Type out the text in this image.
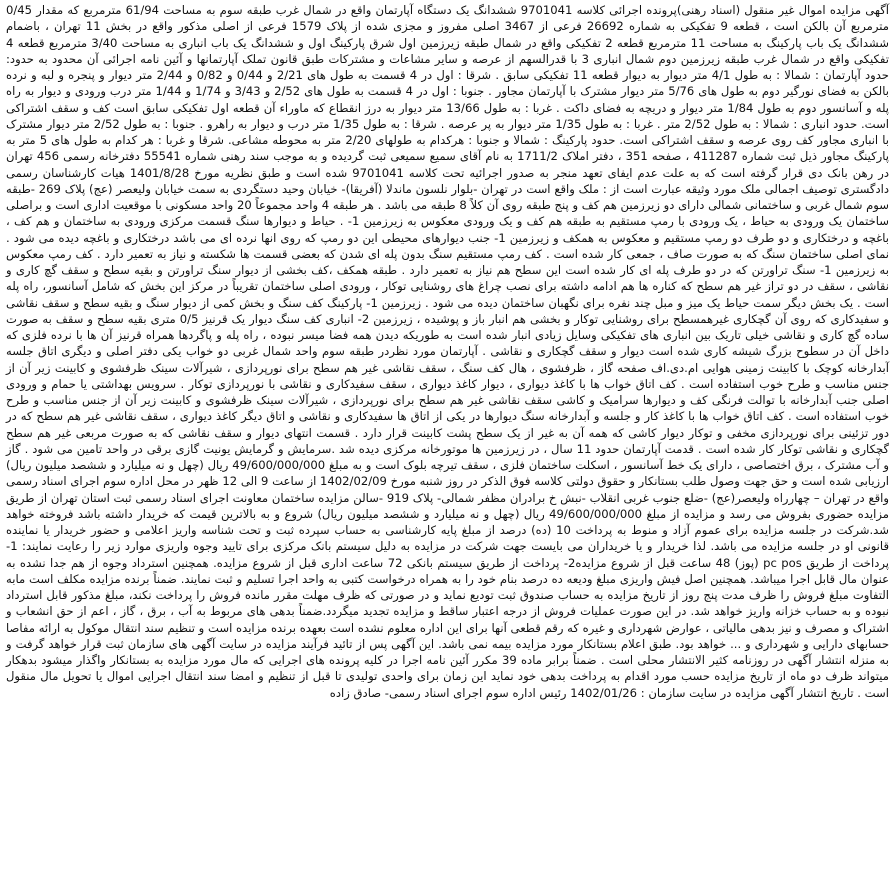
آگهی مزایده اموال غیر منقول (اسناد رهنی)پرونده اجرائی کلاسه 9701041 ششدانگ یک دستگاه آپارتمان واقع در شمال غرب طبقه سوم به مساحت 61/94 مترمربع که مقدار 0/45 مترمربع آن بالکن است ، قطعه 9 تفکیکی به شماره 26692 فرعی از 3467 اصلی مفروز و مجزی شده از پلاک 1579 فرعی از اصلی مذکور واقع در بخش 11 تهران ، باضمام ششدانگ یک باب پارکینگ به مساحت 11 مترمربع قطعه 2 تفکیکی واقع در شمال طبقه زیرزمین اول شرق پارکینگ اول و ششدانگ یک باب انباری به مساحت 3/40 مترمربع قطعه 4 تفکیکی واقع در شمال غرب طبقه زیرزمین دوم شمال انباری 3 با قدرالسهم از عرصه و سایر مشاعات و مشترکات طبق قانون تملک آپارتمانها و آئین نامه اجرائی آن محدود به حدود: حدود آپارتمان : شمالا : به طول 4/1 متر دیوار به دیوار قطعه 11 تفکیکی سابق . شرقا : اول در 4 قسمت به طول های 2/21 و 0/44 و 0/82 و 2/44 متر دیوار و پنجره و لبه و نرده بالکن به فضای نورگیر دوم به طول های 5/76 متر دیوار مشترک با آپارتمان مجاور . جنوبا : اول در 4 قسمت به طول های 2/52 و 3/43 و 1/74 و 1/44 متر درب ورودی و دیوار به راه پله و آسانسور دوم به طول 1/84 متر دیوار و دریچه به فضای داکت . غربا : به طول 13/66 متر دیوار به درز انقطاع که ماوراء آن قطعه اول تفکیکی سابق است کف و سقف اشتراکی است. حدود انباری : شمالا : به طول 2/52 متر . غربا : به طول 1/35 متر دیوار به پر عرصه . شرقا : به طول 1/35 متر درب و دیوار به راهرو . جنوبا : به طول 2/52 متر دیوار مشترک با انباری مجاور کف روی عرصه و سقف اشتراکی است. حدود پارکینگ : شمالا و جنوبا : هرکدام به طولهای 2/20 متر به محوطه مشاعی. شرقا و غربا : هر کدام به طول های 5 متر به پارکینگ مجاور ذیل ثبت شماره 411287 ، صفحه 351 ، دفتر املاک 1711/2 به نام آقای سمیع سمیعی ثبت گردیده و به موجب سند رهنی شماره 55541 دفترخانه رسمی 456 تهران در رهن بانک دی قرار گرفته است که به علت عدم ایفای تعهد منجر به صدور اجرائیه تحت کلاسه 9701041 شده است و طبق نظریه مورخ 1401/8/28 هیات کارشناسان رسمی دادگستری توصیف اجمالی ملک مورد وثیقه عبارت است از : ملک واقع است در تهران -بلوار نلسون ماندلا (آفریقا)- خیابان وحید دستگردی به سمت خیابان ولیعصر (عج) پلاک 269 -طبقه سوم شمال غربی و ساختمانی شمالی دارای دو زیرزمین هم کف و پنج طبقه روی آن کلاً 8 طبقه می باشد . هر طبقه 4 واحد مجموعاً 20 واحد مسکونی با موقعیت اداری است و براصلی ساختمان یک ورودی به حیاط ، یک ورودی با رمپ مستقیم به طبقه هم کف و یک ورودی معکوس به زیرزمین 1- . حیاط و دیوارها سنگ قسمت مرکزی ورودی به ساختمان و هم کف ، باغچه و درختکاری و دو طرف دو رمپ مستقیم و معکوس به همکف و زیرزمین 1- جنب دیوارهای محیطی این دو رمپ که روی انها نرده ای می باشد درختکاری و باغچه دیده می شود . نمای اصلی ساختمان سنگ که به صورت صاف ، جمعی کار شده است . کف رمپ مستقیم سنگ بدون پله ای شدن که بعضی قسمت ها شکسته و نیاز به تعمیر دارد . کف رمپ معکوس به زیرزمین 1- سنگ تراورتن که در دو طرف پله ای کار شده است این سطح هم نیاز به تعمیر دارد . طبقه همکف ،کف بخشی از دیوار سنگ تراورتن و بقیه سطح و سقف گچ کاری و نقاشی ، سقف در دو تراز غیر هم سطح که کناره ها هم ادامه داشته برای نصب چراغ های روشنایی توکار ، ورودی اصلی ساختمان تقریباً در مرکز این بخش که شامل آسانسور، راه پله است . یک بخش دیگر سمت حیاط یک میز و مبل چند نفره برای نگهبان ساختمان دیده می شود . زیرزمین 1- پارکینگ کف سنگ و بخش کمی از دیوار سنگ و بقیه سطح و سقف نقاشی و سفیدکاری که روی آن گچکاری غیرهمسطح برای روشنایی توکار و بخشی هم انبار باز و پوشیده ، زیرزمین 2- انباری کف سنگ دیوار یک قرنیز 0/5 متری بقیه سطح و سقف به صورت ساده گچ کاری و نقاشی خیلی تاریک بین انباری های تفکیکی وسایل زیادی انبار شده است به طوریکه دیدن همه فضا میسر نبوده ، راه پله و پاگردها همراه قرنیز آن ها با نرده فلزی که داخل آن در سطوح بزرگ شیشه کاری شده است دیوار و سقف گچکاری و نقاشی . آپارتمان مورد نظردر طبقه سوم واحد شمال غربی دو خواب یکی دفتر اصلی و دیگری اتاق جلسه آبدارخانه کوچک با کابینت زمینی هوایی ام.دی.اف صفحه گاز ، ظرفشوی ، هال کف سنگ ، سقف نقاشی غیر هم سطح برای نورپردازی ، شیرآلات سینک ظرفشوی و کابینت زیر آن از جنس مناسب و طرح خوب استفاده است . کف اتاق خواب ها با کاغذ دیواری ، دیوار کاغذ دیواری ، سقف سفیدکاری و نقاشی با نورپردازی توکار . سرویس بهداشتی یا حمام و ورودی اصلی جنب آبدارخانه با توالت فرنگی کف و دیوارها سرامیک و کاشی سقف نقاشی غیر هم سطح برای نورپردازی ، شیرآلات سینک ظرفشوی و کابینت زیر آن از جنس مناسب و طرح خوب استفاده است . کف اتاق خواب ها با کاغذ کار و جلسه و آبدارخانه سنگ دیوارها در یکی از اتاق ها سفیدکاری و نقاشی و اتاق دیگر کاغذ دیواری ، سقف نقاشی غیر هم سطح که در دور تزئینی برای نورپردازی مخفی و توکار دیوار کاشی که همه آن به غیر از یک سطح پشت کابینت قرار دارد . قسمت انتهای دیوار و سقف نقاشی که به صورت مربعی غیر هم سطح گچکاری و نقاشی توکار کار شده است . قدمت آپارتمان حدود 11 سال ، در زیرزمین ها موتورخانه مرکزی دیده شد .سرمایش و گرمایش یونیت گازی برقی در واحد تامین می شود . گاز و آب مشترک ، برق اختصاصی ، دارای یک خط آسانسور ، اسکلت ساختمان فلزی ، سقف تیرچه بلوک است و به مبلغ 49/600/000/000 ریال (چهل و نه میلیارد و ششصد میلیون ریال) ارزیابی شده است و حق جهت وصول طلب بستانکار و حقوق دولتی کلاسه فوق الذکر در روز شنبه مورخ 1402/02/09 از ساعت 9 الی 12 ظهر در محل اداره سوم اجرای اسناد رسمی واقع در تهران – چهارراه ولیعصر(عج) -ضلع جنوب غربی انقلاب -نبش خ برادران مظفر شمالی- پلاک 919 -سالن مزایده ساختمان معاونت اجرای اسناد رسمی ثبت استان تهران از طریق مزایده حضوری بفروش می رسد و مزایده از مبلغ 49/600/000/000 ریال (چهل و نه میلیارد و ششصد میلیون ریال) شروع و به بالاترین قیمت که خریدار داشته باشد فروخته خواهد شد.شرکت در جلسه مزایده برای عموم آزاد و منوط به پرداخت 10 (ده) درصد از مبلغ پایه کارشناسی به حساب سپرده ثبت و تحت شناسه واریز اعلامی و حضور خریدار یا نماینده قانونی او در جلسه مزایده می باشد. لذا خریدار و یا خریداران می بایست جهت شرکت در مزایده به دلیل سیستم بانک مرکزی برای تایید وجوه واریزی موارد زیر را رعایت نمایند: 1- پرداخت از طریق pc pos (پوز) 48 ساعت قبل از شروع مزایده2- پرداخت از طریق سیستم بانکی 72 ساعت اداری قبل از شروع مزایده. همچنین استرداد وجوه از هم جدا نشده به عنوان مال قابل اجرا میباشد. همچنین اصل فیش واریزی مبلغ ودیعه ده درصد بنام خود را به همراه درخواست کتبی به واحد اجرا تسلیم و ثبت نمایند. ضمناً برنده مزایده مکلف است مابه التفاوت مبلغ فروش را ظرف مدت پنج روز از تاریخ مزایده به حساب صندوق ثبت تودیع نماید و در صورتی که ظرف مهلت مقرر مانده فروش را پرداخت نکند، مبلغ مذکور قابل استرداد نبوده و به حساب خزانه واریز خواهد شد. در این صورت عملیات فروش از درجه اعتبار ساقط و مزایده تجدید میگردد.ضمناً بدهی های مربوط به آب ، برق ، گاز ، اعم از حق انشعاب و اشتراک و مصرف و نیز بدهی مالیاتی ، عوارض شهرداری و غیره که رقم قطعی آنها برای این اداره معلوم نشده است بعهده برنده مزایده است و تنظیم سند انتقال موکول به ارائه مفاصا حسابهای دارایی و شهرداری و ... خواهد بود. طبق اعلام بستانکار مورد مزایده بیمه نمی باشد. این آگهی پس از تائید فرآیند مزایده در سایت آگهی های سازمان ثبت قرار خواهد گرفت و به منزله انتشار آگهی در روزنامه کثیر الانتشار محلی است . ضمناً برابر ماده 39 مکرر آئین نامه اجرا در کلیه پرونده های اجرایی که مال مورد مزایده به بستانکار واگذار میشود بدهکار میتواند ظرف دو ماه از تاریخ مزایده حسب مورد اقدام به پرداخت بدهی خود نماید این زمان برای واحدی تولیدی تا قبل از تنظیم و امضا سند انتقال اجرایی اموال یا تحویل مال منقول است . تاریخ انتشار آگهی مزایده در سایت سازمان : 1402/01/26 رئیس اداره سوم اجرای اسناد رسمی- صادق زاده
